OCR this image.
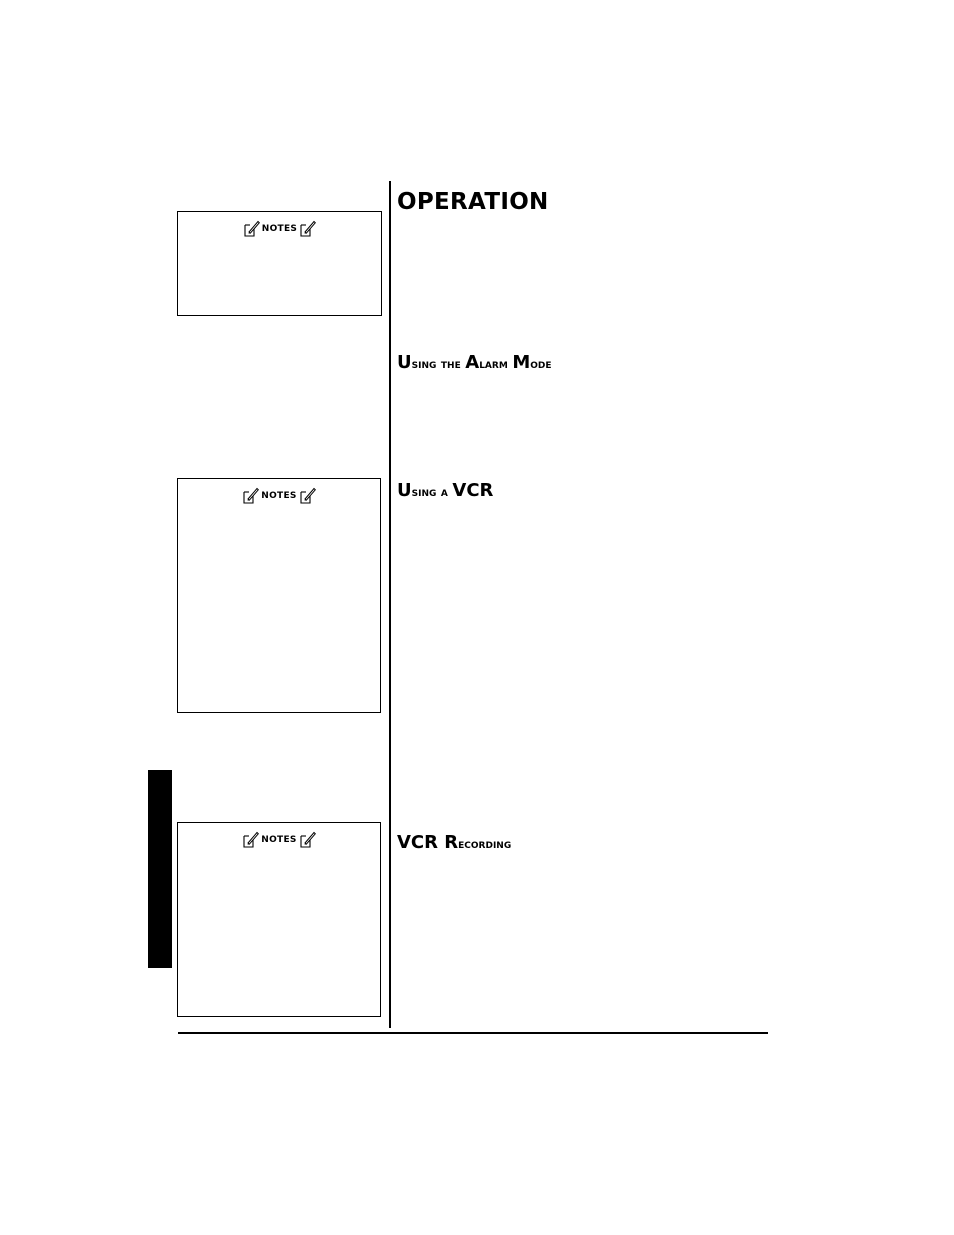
OPERATION
Using the Alarm Mode
Using a VCR
VCR Recording
notes
notes
notes
